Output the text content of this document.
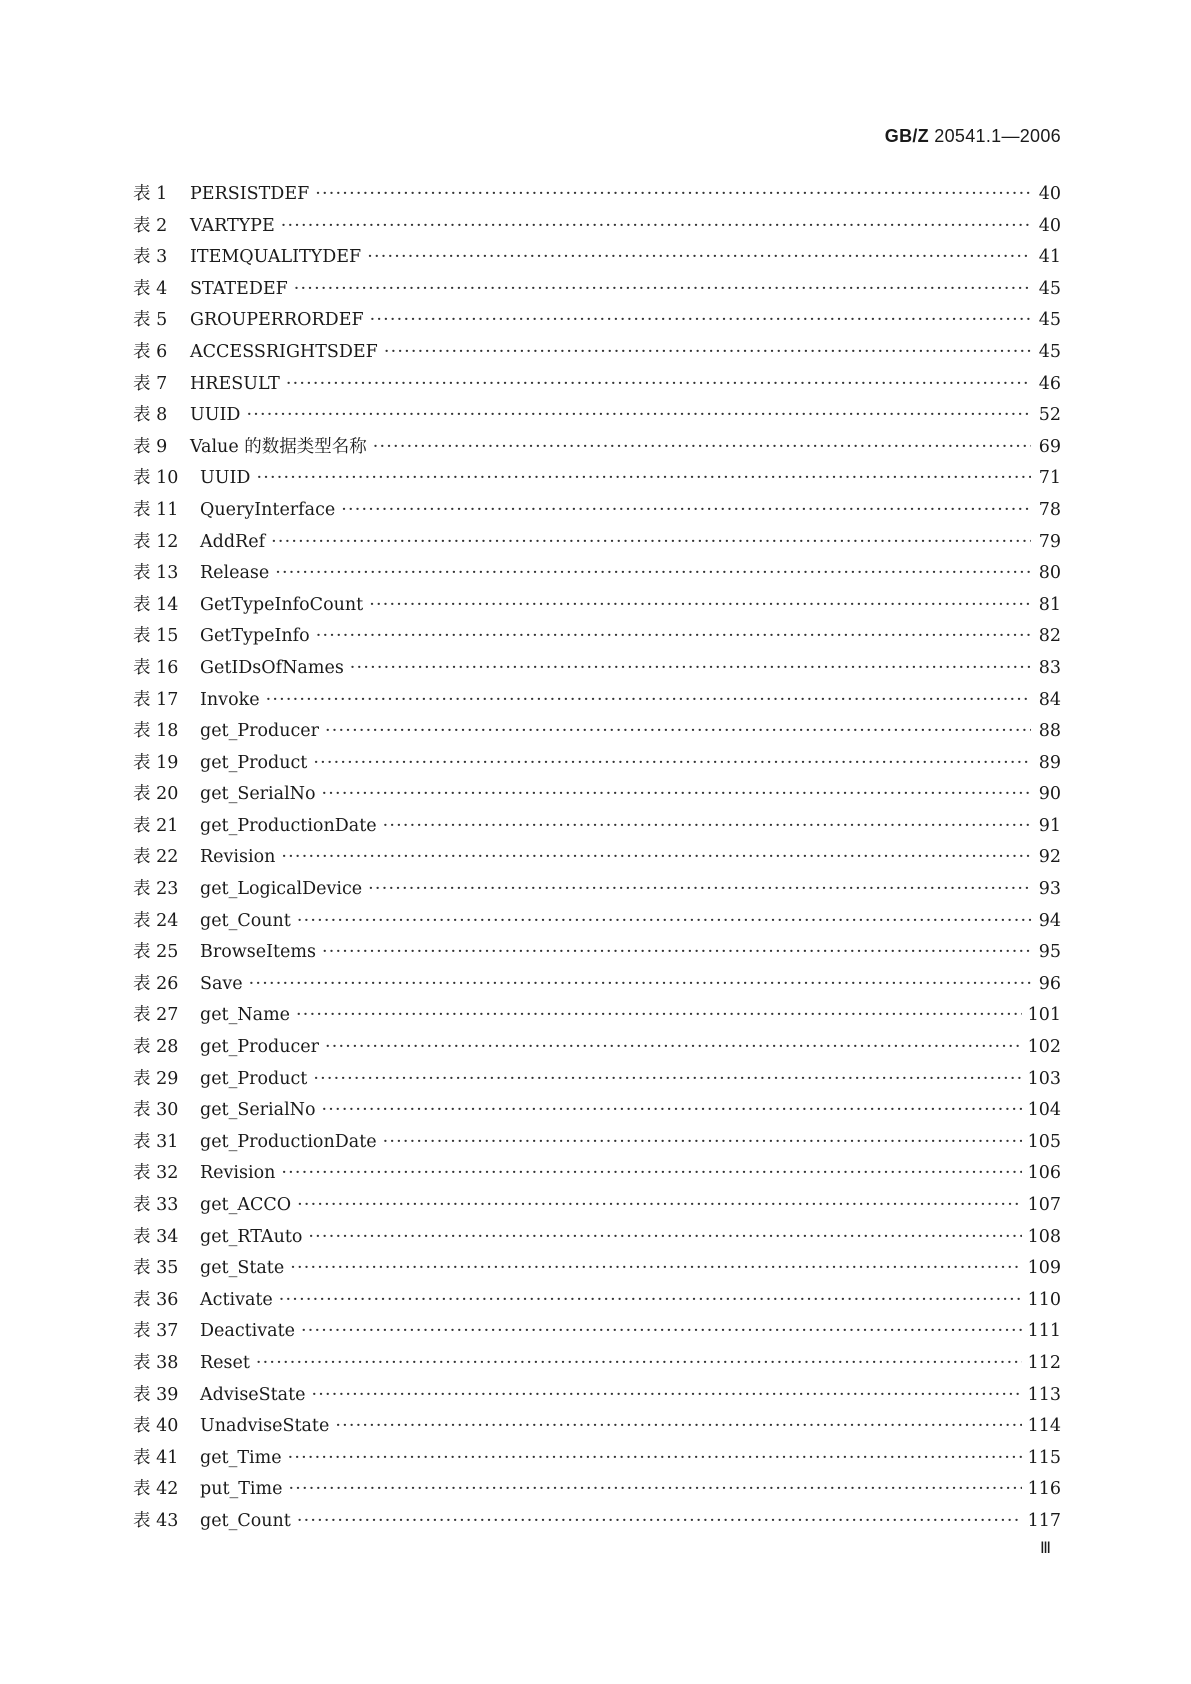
GB/Z 20541.1—2006
表 1	PERSISTDEF ·····	40
表 2	VARTYPE ·····	40
表 3	ITEMQUALITYDEF ·····	41
表 4	STATEDEF ·····	45
表 5	GROUPERRORDEF ·····	45
表 6	ACCESSRIGHTSDEF ·····	45
表 7	HRESULT ·····	46
表 8	UUID ·····	52
表 9	Value 的数据类型名称 ·····	69
表 10	UUID ·····	71
表 11	QueryInterface ·····	78
表 12	AddRef ·····	79
表 13	Release ·····	80
表 14	GetTypeInfoCount ·····	81
表 15	GetTypeInfo ·····	82
表 16	GetIDsOfNames ·····	83
表 17	Invoke ·····	84
表 18	get_Producer ·····	88
表 19	get_Product ·····	89
表 20	get_SerialNo ·····	90
表 21	get_ProductionDate ·····	91
表 22	Revision ·····	92
表 23	get_LogicalDevice ·····	93
表 24	get_Count ·····	94
表 25	BrowseItems ·····	95
表 26	Save ·····	96
表 27	get_Name ·····	101
表 28	get_Producer ·····	102
表 29	get_Product ·····	103
表 30	get_SerialNo ·····	104
表 31	get_ProductionDate ·····	105
表 32	Revision ·····	106
表 33	get_ACCO ·····	107
表 34	get_RTAuto ·····	108
表 35	get_State ·····	109
表 36	Activate ·····	110
表 37	Deactivate ·····	111
表 38	Reset ·····	112
表 39	AdviseState ·····	113
表 40	UnadviseState ·····	114
表 41	get_Time ·····	115
表 42	put_Time ·····	116
表 43	get_Count ·····	117
Ⅲ
